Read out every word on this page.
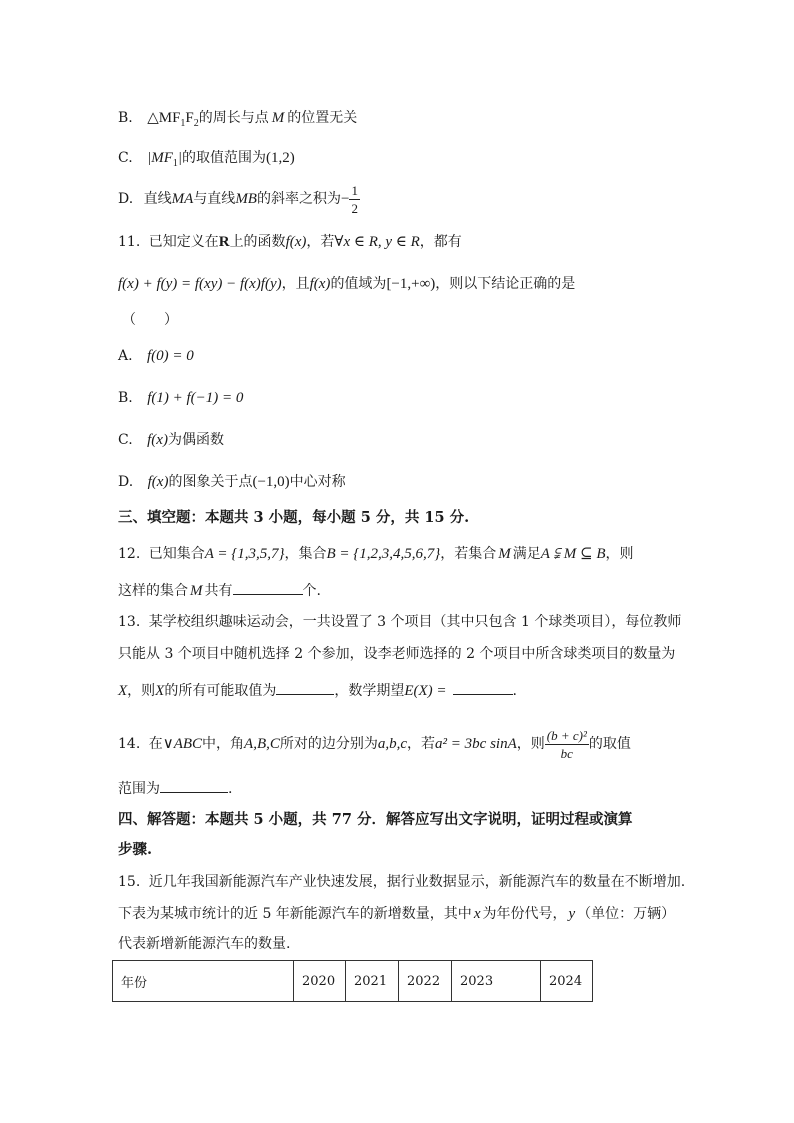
B. $\triangle MF_1F_2$的周长与点 M 的位置无关
C. $|MF_1|$的取值范围为(1,2)
D. 直线MA与直线MB的斜率之积为− $\frac{1}{2}$
11. 已知定义在R上的函数f(x)，若∀x ∈ R, y ∈ R，都有
f(x) + f(y) = f(xy) − f(x)f(y)，且f(x)的值域为[−1,+∞)，则以下结论正确的是
（　　）
A. f(0) = 0
B. f(1) + f(−1) = 0
C. f(x)为偶函数
D. f(x)的图象关于点(−1,0)中心对称
三、填空题：本题共 3 小题，每小题 5 分，共 15 分.
12. 已知集合A = {1,3,5,7}，集合B = {1,2,3,4,5,6,7}，若集合 M 满足A ⫋ M ⊆ B，则
这样的集合 M 共有	个.
13. 某学校组织趣味运动会，一共设置了 3 个项目（其中只包含 1 个球类项目），每位教师
只能从 3 个项目中随机选择 2 个参加，设李老师选择的 2 个项目中所含球类项目的数量为
X，则X的所有可能取值为	，数学期望E(X) =	.
14. 在∨ABC中，角A,B,C所对的边分别为a,b,c，若a² = 3bc sinA，则 $\frac{\text{(b + c)²}}{bc}$ 的取值
范围为	.
四、解答题：本题共 5 小题，共 77 分．解答应写出文字说明，证明过程或演算
步骤.
15. 近几年我国新能源汽车产业快速发展，据行业数据显示，新能源汽车的数量在不断增加.
下表为某城市统计的近 5 年新能源汽车的新增数量，其中 x 为年份代号， y （单位：万辆）
代表新增新能源汽车的数量.
年份	2020	2021	2022	2023	2024
